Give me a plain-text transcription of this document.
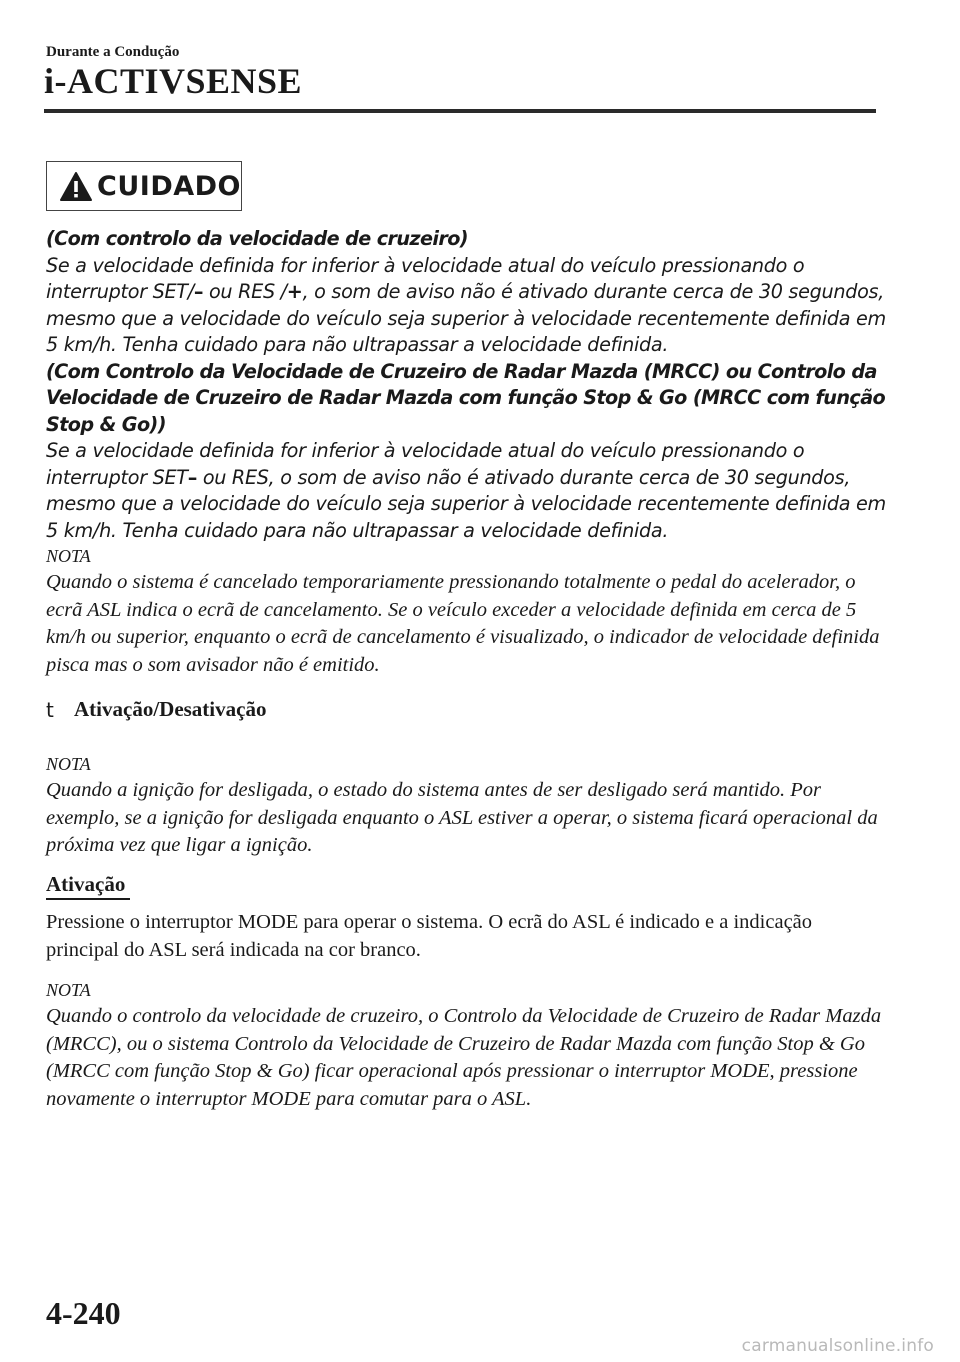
Durante a Condução
i-ACTIVSENSE
CUIDADO

(Com controlo da velocidade de cruzeiro)

Se a velocidade definida for inferior à velocidade atual do veículo pressionando o interruptor SET/– ou RES /+, o som de aviso não é ativado durante cerca de 30 segundos, mesmo que a velocidade do veículo seja superior à velocidade recentemente definida em 5 km/h. Tenha cuidado para não ultrapassar a velocidade definida.

(Com Controlo da Velocidade de Cruzeiro de Radar Mazda (MRCC) ou Controlo da Velocidade de Cruzeiro de Radar Mazda com função Stop & Go (MRCC com função Stop & Go))

Se a velocidade definida for inferior à velocidade atual do veículo pressionando o interruptor SET– ou RES, o som de aviso não é ativado durante cerca de 30 segundos, mesmo que a velocidade do veículo seja superior à velocidade recentemente definida em 5 km/h. Tenha cuidado para não ultrapassar a velocidade definida.

NOTA

Quando o sistema é cancelado temporariamente pressionando totalmente o pedal do acelerador, o ecrã ASL indica o ecrã de cancelamento. Se o veículo exceder a velocidade definida em cerca de 5 km/h ou superior, enquanto o ecrã de cancelamento é visualizado, o indicador de velocidade definida pisca mas o som avisador não é emitido.

t Ativação/Desativação

NOTA

Quando a ignição for desligada, o estado do sistema antes de ser desligado será mantido. Por exemplo, se a ignição for desligada enquanto o ASL estiver a operar, o sistema ficará operacional da próxima vez que ligar a ignição.

Ativação

Pressione o interruptor MODE para operar o sistema. O ecrã do ASL é indicado e a indicação principal do ASL será indicada na cor branco.

NOTA

Quando o controlo da velocidade de cruzeiro, o Controlo da Velocidade de Cruzeiro de Radar Mazda (MRCC), ou o sistema Controlo da Velocidade de Cruzeiro de Radar Mazda com função Stop & Go (MRCC com função Stop & Go) ficar operacional após pressionar o interruptor MODE, pressione novamente o interruptor MODE para comutar para o ASL.

4-240
carmanualsonline.info
